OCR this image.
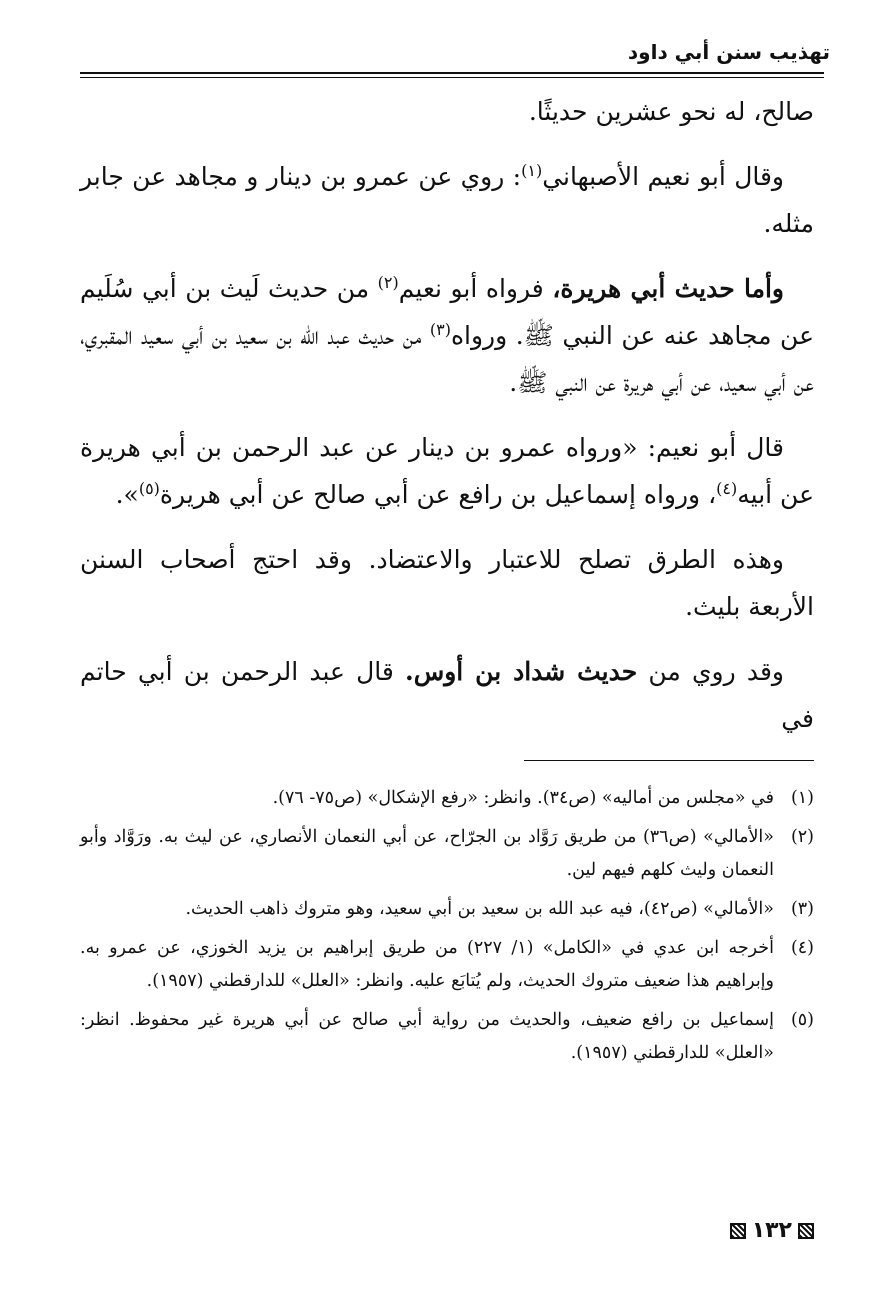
تهذيب سنن أبي داود

صالح، له نحو عشرين حديثًا.

وقال أبو نعيم الأصبهاني$^{(١)}$: روي عن عمرو بن دينار و مجاهد عن جابر مثله.

وأما حديث أبي هريرة، فرواه أبو نعيم$^{(٢)}$ من حديث لَيث بن أبي سُلَيم عن مجاهد عنه عن النبي ﷺ. ورواه$^{(٣)}$ من حديث عبد الله بن سعيد بن أبي سعيد المقبري، عن أبي سعيد، عن أبي هريرة عن النبي ﷺ.

قال أبو نعيم: «ورواه عمرو بن دينار عن عبد الرحمن بن أبي هريرة عن أبيه$^{(٤)}$، ورواه إسماعيل بن رافع عن أبي صالح عن أبي هريرة$^{(٥)}$».

وهذه الطرق تصلح للاعتبار والاعتضاد. وقد احتج أصحاب السنن الأربعة بليث.

وقد روي من حديث شداد بن أوس. قال عبد الرحمن بن أبي حاتم في

(١)
في «مجلس من أماليه» (ص٣٤). وانظر: «رفع الإشكال» (ص٧٥- ٧٦).
(٢)
«الأمالي» (ص٣٦) من طريق رَوَّاد بن الجرّاح، عن أبي النعمان الأنصاري، عن ليث به. ورَوَّاد وأبو النعمان وليث كلهم فيهم لين.
(٣)
«الأمالي» (ص٤٢)، فيه عبد الله بن سعيد بن أبي سعيد، وهو متروك ذاهب الحديث.
(٤)
أخرجه ابن عدي في «الكامل» (١/ ٢٢٧) من طريق إبراهيم بن يزيد الخوزي، عن عمرو به. وإبراهيم هذا ضعيف متروك الحديث، ولم يُتابَع عليه. وانظر: «العلل» للدارقطني (١٩٥٧).
(٥)
إسماعيل بن رافع ضعيف، والحديث من رواية أبي صالح عن أبي هريرة غير محفوظ. انظر: «العلل» للدارقطني (١٩٥٧).
١٣٢
